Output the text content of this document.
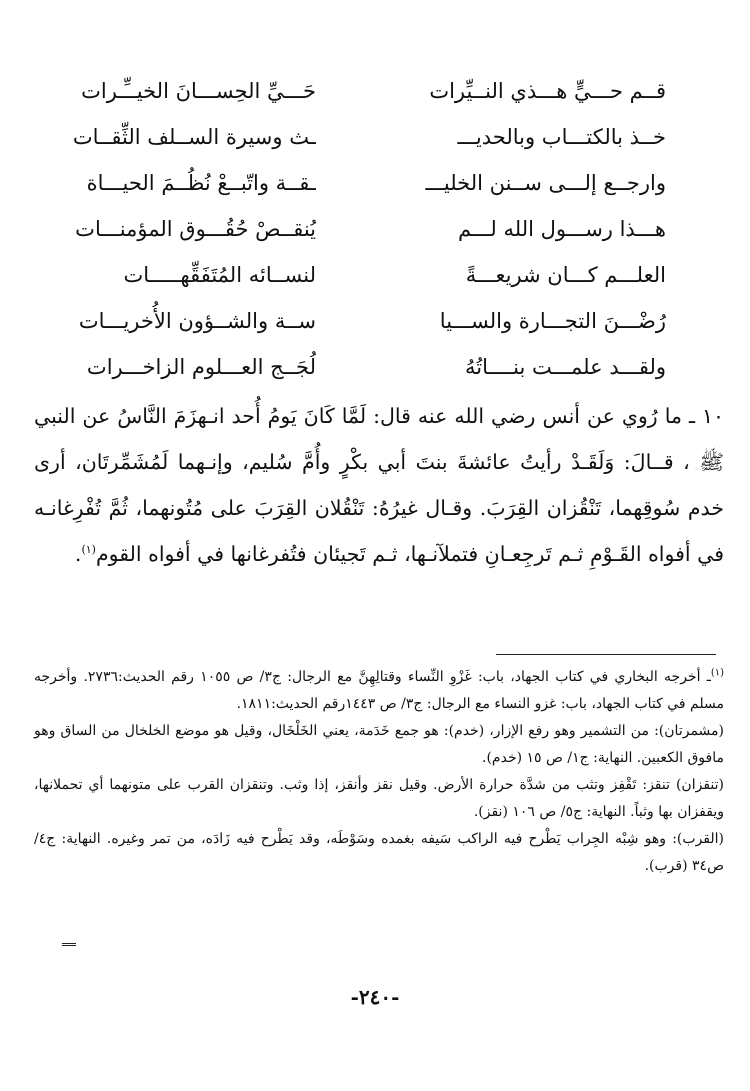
قــم حـــيٍّ هـــذي النــيِّرات
حَـــيِّ الحِســـانَ الخيــِّـرات
خــذ بالكتـــاب وبالحديـــ
ـث وسيرة الســلف الثِّقــات
وارجــع إلـــى ســنن الخليـــ
ـقــة واتّبــعْ نُظُــمَ الحيـــاة
هـــذا رســـول الله لـــم
يُنقــصْ حُقُـــوق المؤمنـــات
العلـــم كـــان شريعـــةً
لنســائه المُتَفَقِّهـــــات
رُضْـــنَ التجـــارة والســـيا
ســة والشــؤون الأُخريـــات
ولقـــد علمـــت بنــــاتُهُ
لُجَــج العـــلوم الزاخـــرات
١٠ ـ ما رُوي عن أنس رضي الله عنه قال: لَمَّا كَانَ يَومُ أُحد انـهزَمَ النَّاسُ عن النبي ﷺ ، قــالَ: وَلَقَـدْ رأيتُ عائشةَ بنتَ أبي بكْرٍ وأُمَّ سُليم، وإنـهما لَمُشَمِّرتَان، أرى خدم سُوقِهما، تَنْقُزان القِرَبَ. وقـال غيرُهُ: تَنْقُلان القِرَبَ على مُتُونهما، ثُمَّ تُفْرِغانـه في أفواه القَـوْمِ ثـم تَرجِعـانِ فتملآنـها، ثـم تَجيئان فتُفرغانها في أفواه القوم$^{(١)}$.

$^{(١)}$ـ أخرجه البخاري في كتاب الجهاد، باب: غَزْوِ النِّساء وقتالِهِنَّ مع الرجال: ج٣/ ص ١٠٥٥ رقم الحديث:٢٧٣٦. وأخرجه مسلم في كتاب الجهاد، باب: غزو النساء مع الرجال: ج٣/ ص ١٤٤٣رقم الحديث:١٨١١.

(مشمرتان): من التشمير وهو رفع الإزار، (خدم): هو جمع خَدَمة، يعني الخَلْخَال، وقيل هو موضع الخلخال من الساق وهو مافوق الكعبين. النهاية: ج١/ ص ١٥ (خدم).

(تنقزان) تنقز: تَقْفِز وتثب من شدَّة حرارة الأرض. وقيل نقز وأنقز، إذا وثب. وتنقزان القرب على متونهما أي تحملانها، ويقفزان بها وثباً. النهاية: ج٥/ ص ١٠٦ (نقز).

(القرب): وهو شِبْه الجِراب يَطْرح فيه الراكب سَيفه بغمده وسَوْطَه، وقد يَطْرح فيه زَادَه، من تمر وغيره. النهاية: ج٤/ ص٣٤ (قرب).

-٢٤٠-
